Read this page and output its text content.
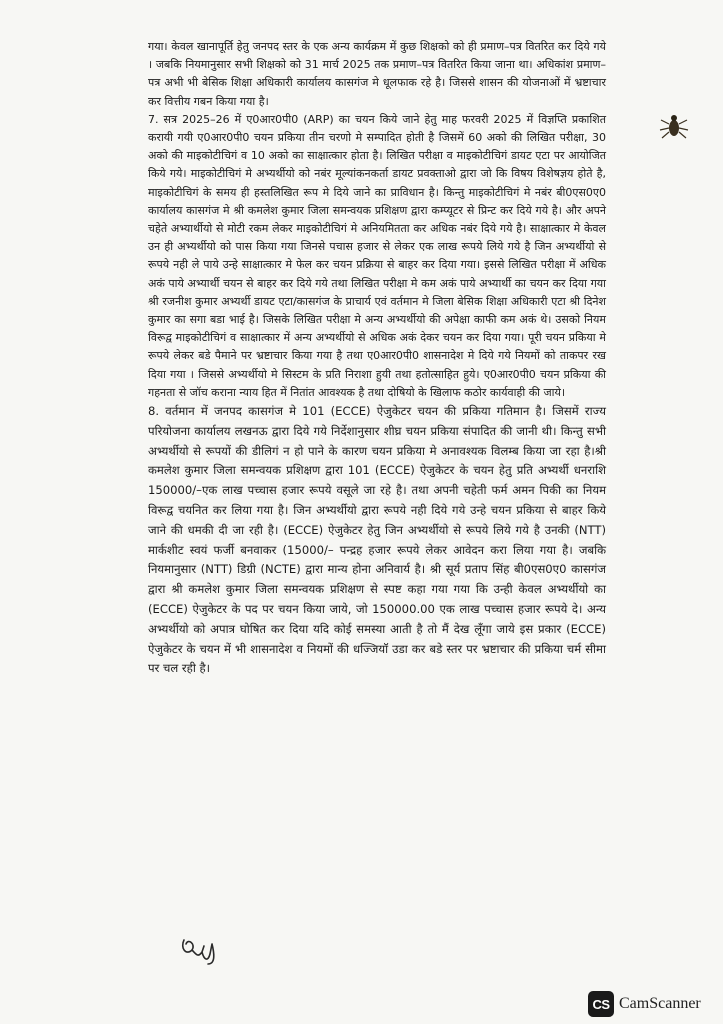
गया। केवल खानापूर्ति हेतु जनपद स्तर के एक अन्य कार्यक्रम में कुछ शिक्षको को ही प्रमाण–पत्र वितरित कर दिये गये । जबकि नियमानुसार सभी शिक्षको को 31 मार्च 2025 तक प्रमाण–पत्र वितरित किया जाना था। अधिकांश प्रमाण–पत्र अभी भी बेसिक शिक्षा अधिकारी कार्यालय कासगंज मे धूलफाक रहे है। जिससे शासन की योजनाओं में भ्रष्टाचार कर वित्तीय गबन किया गया है।

7. सत्र 2025–26 में ए0आर0पी0 (ARP) का चयन किये जाने हेतु माह फरवरी 2025 में विज्ञप्ति प्रकाशित करायी गयी ए0आर0पी0 चयन प्रकिया तीन चरणो मे सम्पादित होती है जिसमें 60 अको की लिखित परीक्षा, 30 अको की माइकोटीचिगं व 10 अको का साक्षात्कार होता है। लिखित परीक्षा व माइकोटीचिगं डायट एटा पर आयोजित किये गये। माइकोटीचिगं मे अभ्यर्थीयो को नबंर मूल्यांकनकर्ता डायट प्रवक्ताओ द्वारा जो कि विषय विशेषज्ञय होते है, माइकोटीचिगं के समय ही हस्तलिखित रूप मे दिये जाने का प्राविधान है। किन्तु माइकोटीचिगं मे नबंर बी0एस0ए0 कार्यालय कासगंज मे श्री कमलेश कुमार जिला समन्वयक प्रशिक्षण द्वारा कम्प्यूटर से प्रिन्ट कर दिये गये है। और अपने चहेते अभ्यार्थीयो से मोटी रकम लेकर माइकोटीचिगं मे अनियमितता कर अधिक नबंर दिये गये है। साक्षात्कार मे केवल उन ही अभ्यर्थीयो को पास किया गया जिनसे पचास हजार से लेकर एक लाख रूपये लिये गये है जिन अभ्यर्थीयो से रूपये नही ले पाये उन्हे साक्षात्कार मे फेल कर चयन प्रक्रिया से बाहर कर दिया गया। इससे लिखित परीक्षा में अधिक अकं पाये अभ्यार्थी चयन से बाहर कर दिये गये तथा लिखित परीक्षा मे कम अकं पाये अभ्यार्थी का चयन कर दिया गया श्री रजनीश कुमार अभ्यर्थी डायट एटा/कासगंज के प्राचार्य एवं वर्तमान मे जिला बेसिक शिक्षा अधिकारी एटा श्री दिनेश कुमार का सगा बडा भाई है। जिसके लिखित परीक्षा मे अन्य अभ्यर्थीयो की अपेक्षा काफी कम अकं थे। उसको नियम विरूद्व माइकोटीचिगं व साक्षात्कार में अन्य अभ्यर्थीयो से अधिक अकं देकर चयन कर दिया गया। पूरी चयन प्रकिया मे रूपये लेकर बडे पैमाने पर भ्रष्टाचार किया गया है तथा ए0आर0पी0 शासनादेश मे दिये गये नियमों को ताकपर रख दिया गया । जिससे अभ्यर्थीयो मे सिस्टम के प्रति निराशा हुयी तथा हतोत्साहित हुये। ए0आर0पी0 चयन प्रकिया की गहनता से जॉच कराना न्याय हित में नितांत आवश्यक है तथा दोषियो के खिलाफ कठोर कार्यवाही की जाये।

8. वर्तमान में जनपद कासगंज मे 101 (ECCE) ऐजुकेटर चयन की प्रकिया गतिमान है। जिसमें राज्य परियोजना कार्यालय लखनऊ द्वारा दिये गये निर्देशानुसार शीघ्र चयन प्रकिया संपादित की जानी थी। किन्तु सभी अभ्यर्थीयो से रूपयों की डीलिगं न हो पाने के कारण चयन प्रकिया मे अनावश्यक विलम्ब किया जा रहा है।श्री कमलेश कुमार जिला समन्वयक प्रशिक्षण द्वारा 101 (ECCE) ऐजुकेटर के चयन हेतु प्रति अभ्यर्थी धनराशि 150000/–एक लाख पच्चास हजार रूपये वसूले जा रहे है। तथा अपनी चहेती फर्म अमन पिकी का नियम विरूद्व चयनित कर लिया गया है। जिन अभ्यर्थीयो द्वारा रूपये नही दिये गये उन्हे चयन प्रकिया से बाहर किये जाने की धमकी दी जा रही है। (ECCE) ऐजुकेटर हेतु जिन अभ्यर्थीयो से रूपये लिये गये है उनकी (NTT) मार्कशीट स्वयं फर्जी बनवाकर (15000/– पन्द्रह हजार रूपये लेकर आवेदन करा लिया गया है। जबकि नियमानुसार (NTT) डिग्री (NCTE) द्वारा मान्य होना अनिवार्य है। श्री सूर्य प्रताप सिंह बी0एस0ए0 कासगंज द्वारा श्री कमलेश कुमार जिला समन्वयक प्रशिक्षण से स्पष्ट कहा गया गया कि उन्ही केवल अभ्यर्थीयो का (ECCE) ऐजुकेटर के पद पर चयन किया जाये, जो 150000.00 एक लाख पच्चास हजार रूपये दे। अन्य अभ्यर्थीयो को अपात्र घोषित कर दिया यदि कोई समस्या आती है तो मैं देख लूँगा जाये इस प्रकार (ECCE) ऐजुकेटर के चयन में भी शासनादेश व नियमों की धज्जियॉ उडा कर बडे स्तर पर भ्रष्टाचार की प्रकिया चर्म सीमा पर चल रही है।

CS CamScanner
